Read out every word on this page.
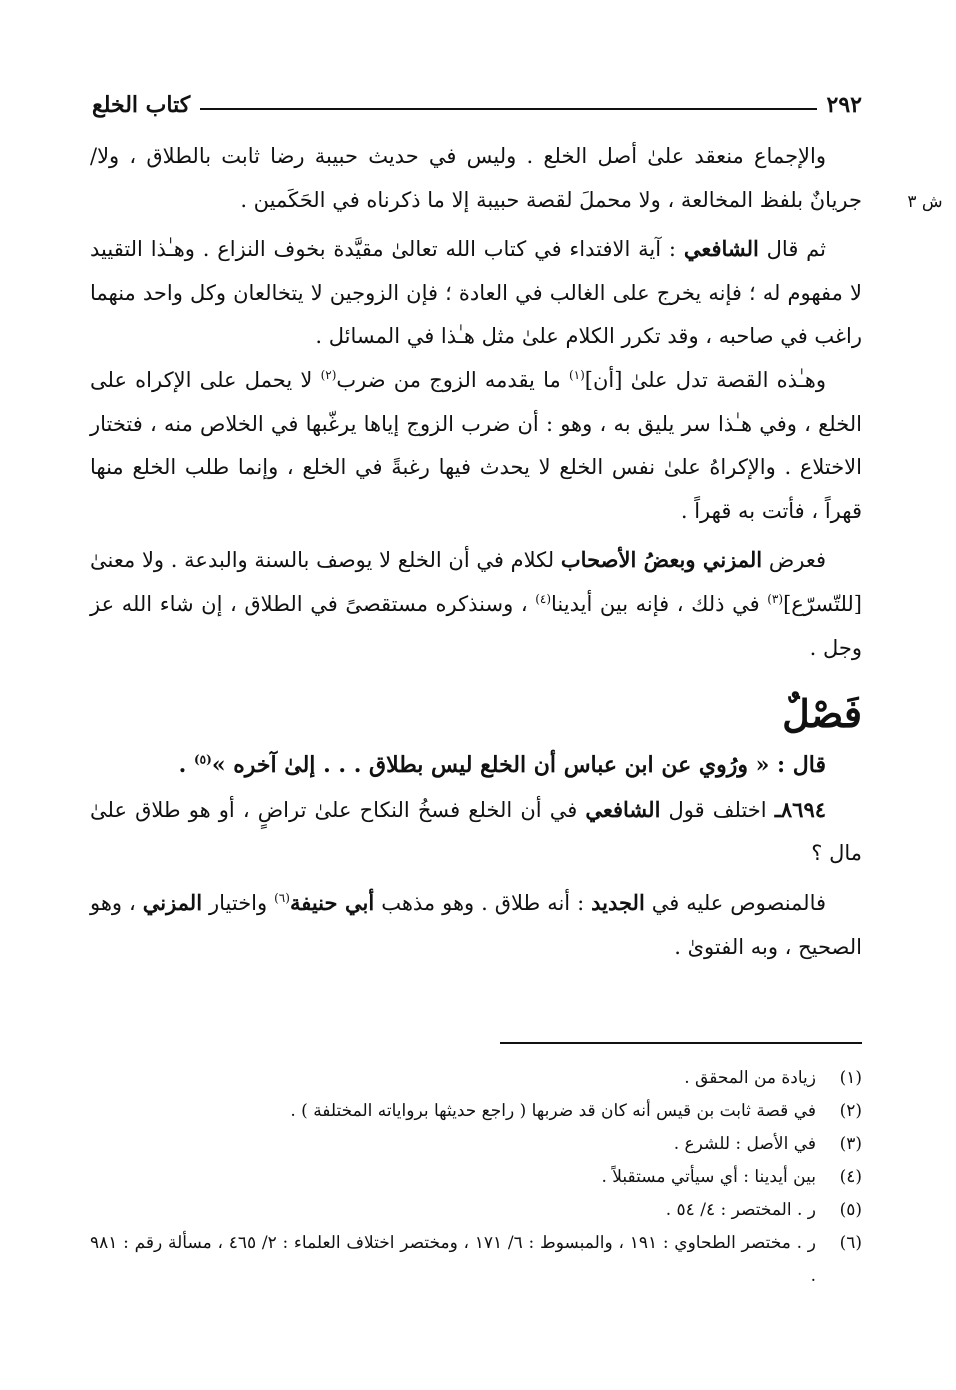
٢٩٢
كتاب الخلع
ش ٣

والإجماع منعقد علىٰ أصل الخلع . وليس في حديث حبيبة رضا ثابت بالطلاق ، ولا/ جريانٌ بلفظ المخالعة ، ولا محملَ لقصة حبيبة إلا ما ذكرناه في الحَكَمين .

ثم قال الشافعي : آية الافتداء في كتاب الله تعالىٰ مقيَّدة بخوف النزاع . وهـٰذا التقييد لا مفهوم له ؛ فإنه يخرج على الغالب في العادة ؛ فإن الزوجين لا يتخالعان وكل واحد منهما راغب في صاحبه ، وقد تكرر الكلام علىٰ مثل هـٰذا في المسائل .

وهـٰذه القصة تدل علىٰ [أن]$^{(١)}$ ما يقدمه الزوج من ضرب$^{(٢)}$ لا يحمل على الإكراه على الخلع ، وفي هـٰذا سر يليق به ، وهو : أن ضرب الزوج إياها يرغّبها في الخلاص منه ، فتختار الاختلاع . والإكراهُ علىٰ نفس الخلع لا يحدث فيها رغبةً في الخلع ، وإنما طلب الخلع منها قهراً ، فأتت به قهراً .

فعرض المزني وبعضُ الأصحاب لكلام في أن الخلع لا يوصف بالسنة والبدعة . ولا معنىٰ [للتّسرّع]$^{(٣)}$ في ذلك ، فإنه بين أيدينا$^{(٤)}$ ، وسنذكره مستقصىً في الطلاق ، إن شاء الله عز وجل .

فَصْلٌ

قال : « ورُوي عن ابن عباس أن الخلع ليس بطلاق . . . إلىٰ آخره »$^{(٥)}$ .

٨٦٩٤ـ اختلف قول الشافعي في أن الخلع فسخُ النكاح علىٰ تراضٍ ، أو هو طلاق علىٰ مال ؟

فالمنصوص عليه في الجديد : أنه طلاق . وهو مذهب أبي حنيفة$^{(٦)}$ واختيار المزني ، وهو الصحيح ، وبه الفتوىٰ .

(١)
زيادة من المحقق .
(٢)
في قصة ثابت بن قيس أنه كان قد ضربها ( راجع حديثها برواياته المختلفة ) .
(٣)
في الأصل : للشرع .
(٤)
بين أيدينا : أي سيأتي مستقبلاً .
(٥)
ر . المختصر : ٤/ ٥٤ .
(٦)
ر . مختصر الطحاوي : ١٩١ ، والمبسوط : ٦/ ١٧١ ، ومختصر اختلاف العلماء : ٢/ ٤٦٥ ، مسألة رقم : ٩٨١ .
